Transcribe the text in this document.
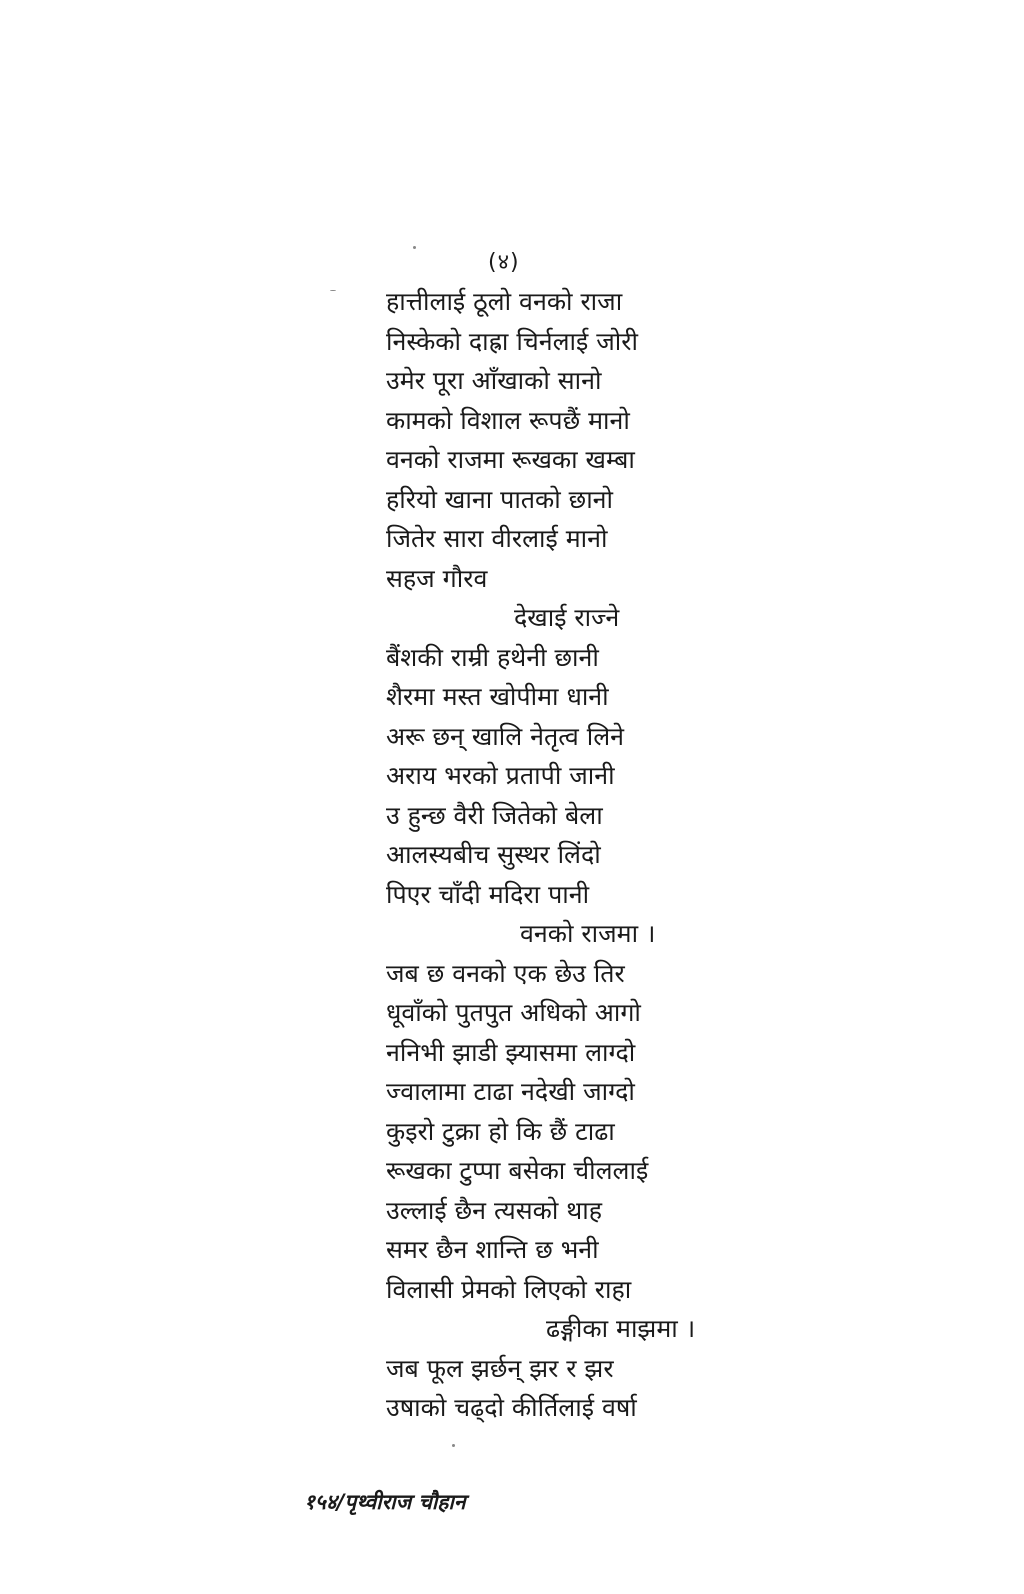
(४)
हात्तीलाई ठूलो वनको राजा
निस्केको दाह्रा चिर्नलाई जोरी
उमेर पूरा आँखाको सानो
कामको विशाल रूपछैं मानो
वनको राजमा रूखका खम्बा
हरियो खाना पातको छानो
जितेर सारा वीरलाई मानो
सहज गौरव
देखाई राज्ने
बैंशकी राम्री हथेनी छानी
शैरमा मस्त खोपीमा धानी
अरू छन् खालि नेतृत्व लिने
अराय भरको प्रतापी जानी
उ हुन्छ वैरी जितेको बेला
आलस्यबीच सुस्थर लिंदो
पिएर चाँदी मदिरा पानी
वनको राजमा ।
जब छ वनको एक छेउ तिर
धूवाँको पुतपुत अधिको आगो
ननिभी झाडी झ्यासमा लाग्दो
ज्वालामा टाढा नदेखी जाग्दो
कुइरो टुक्रा हो कि छैं टाढा
रूखका टुप्पा बसेका चीललाई
उल्लाई छैन त्यसको थाह
समर छैन शान्ति छ भनी
विलासी प्रेमको लिएको राहा
ढङ्गीका माझमा ।
जब फूल झर्छन् झर र झर
उषाको चढ्दो कीर्तिलाई वर्षा
१५४/पृथ्वीराज चौहान
